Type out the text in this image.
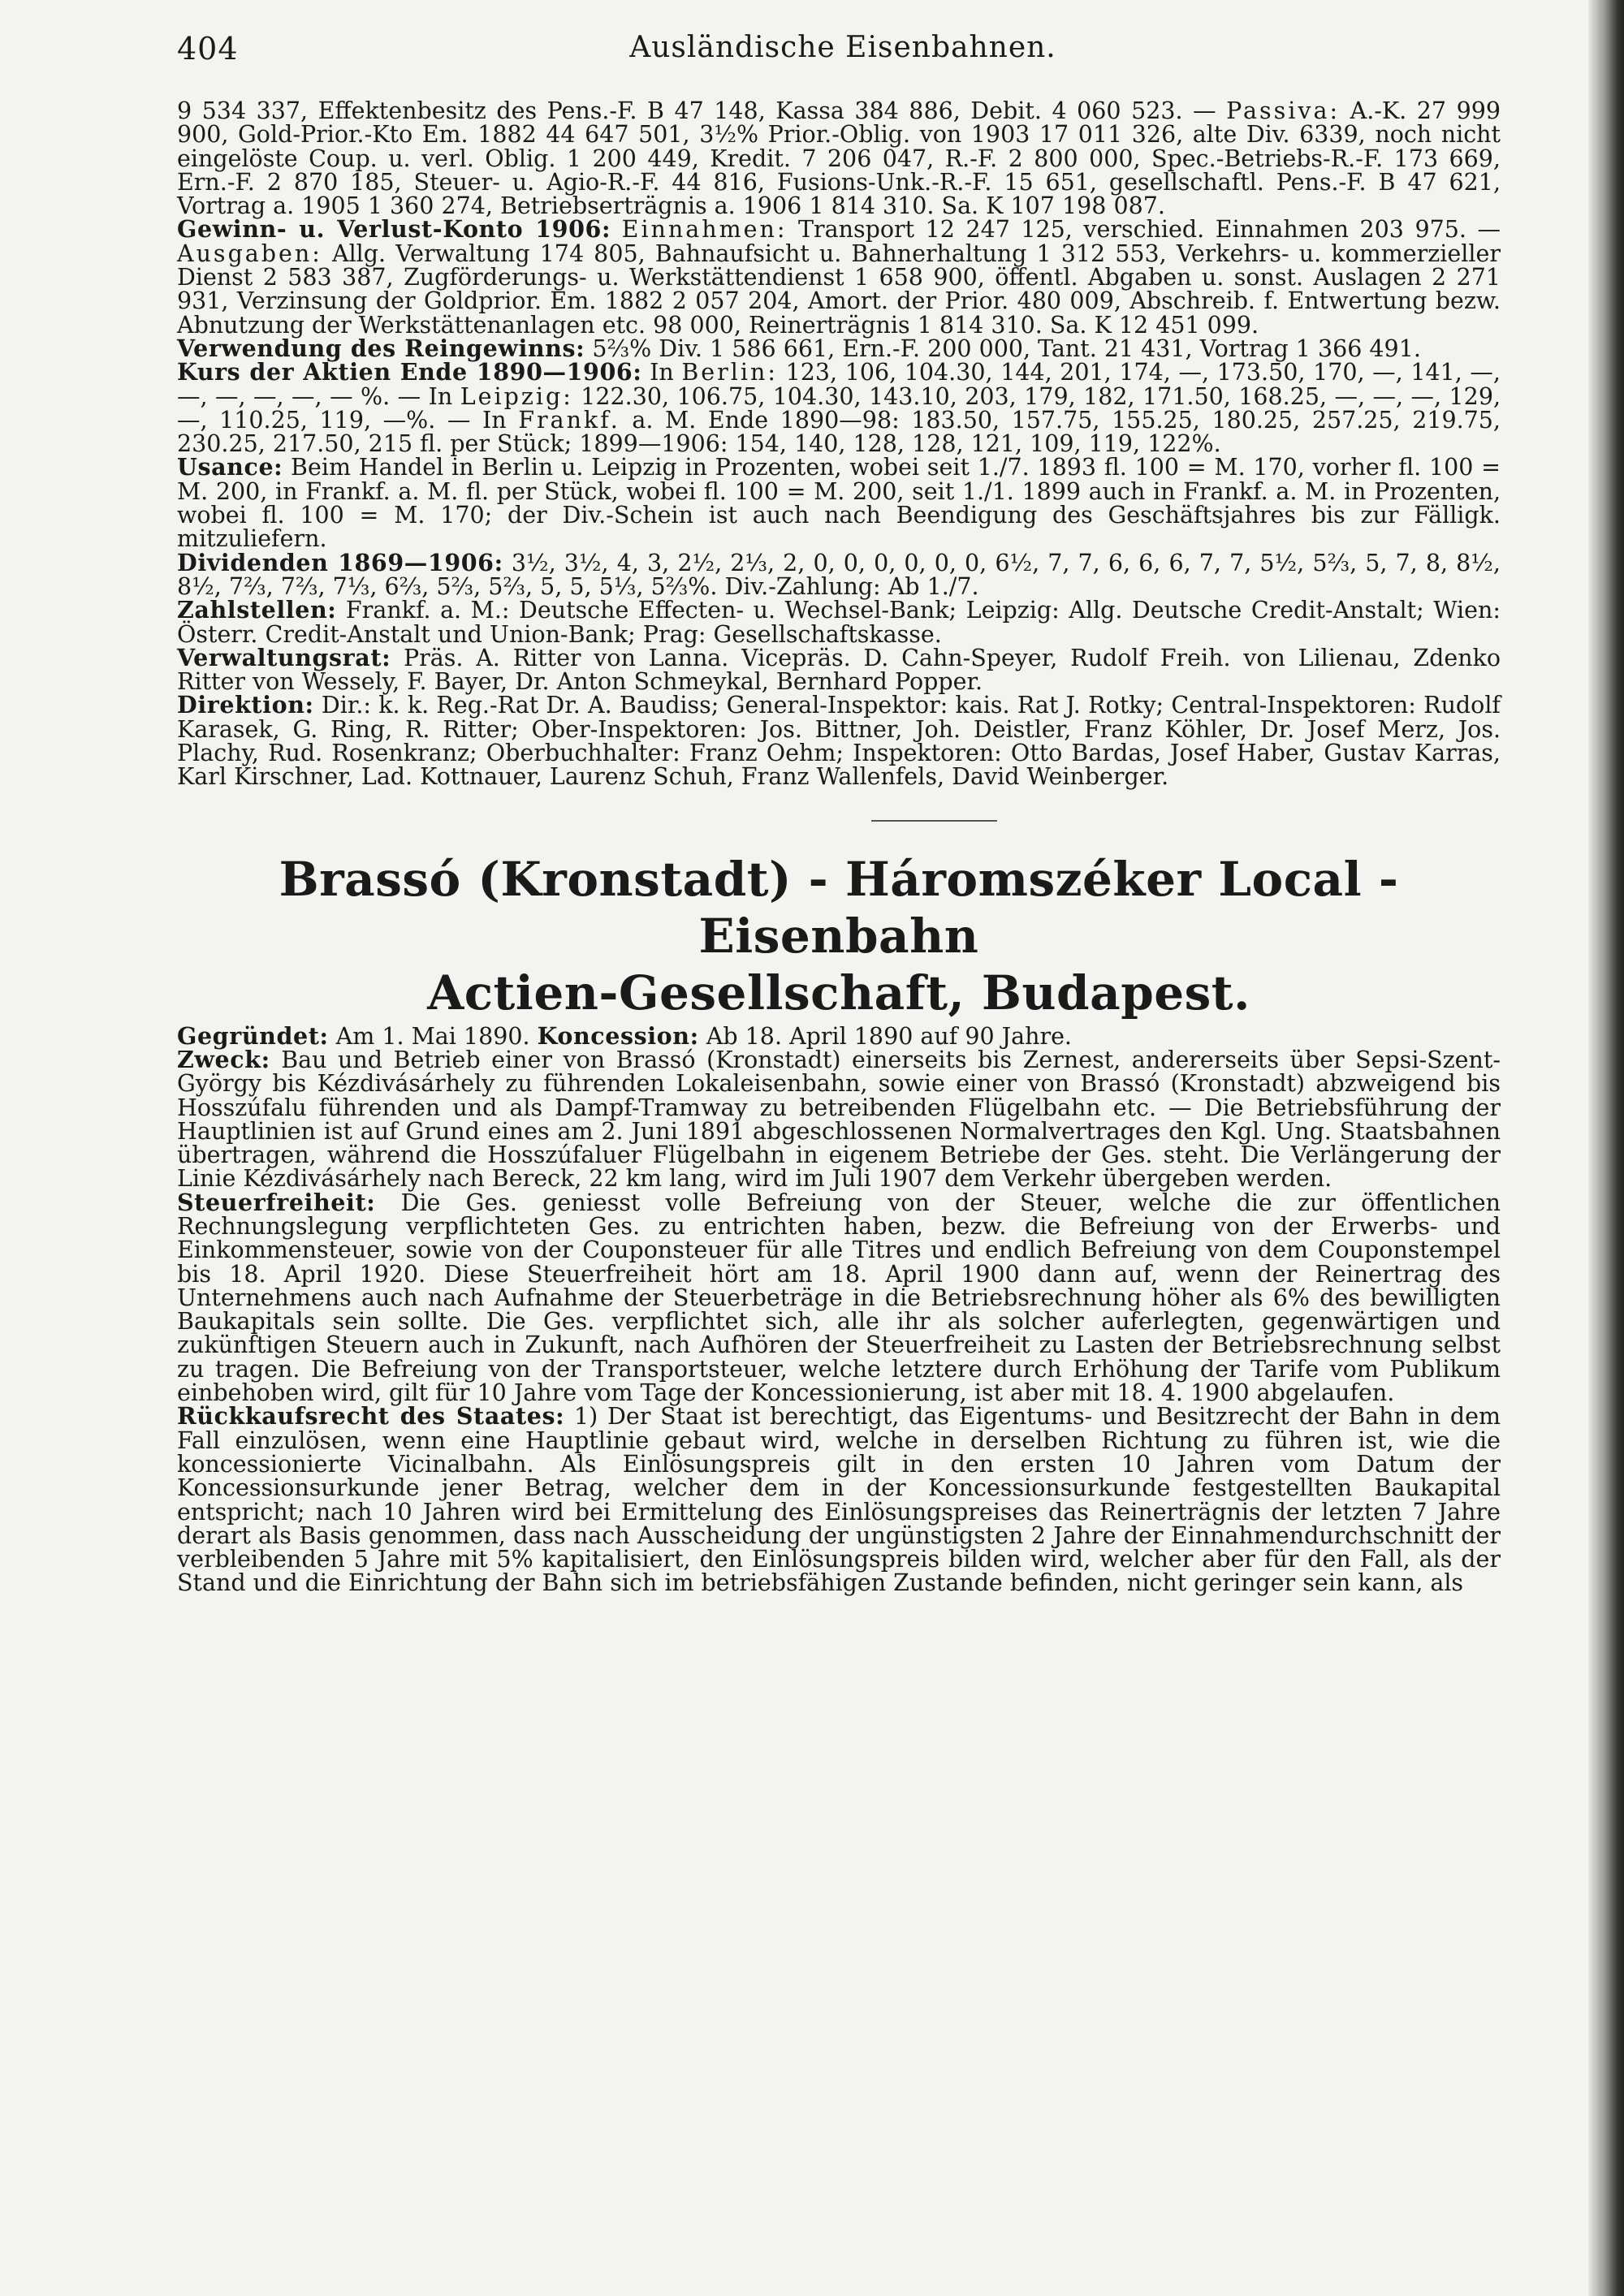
404	Ausländische Eisenbahnen.

9 534 337, Effektenbesitz des Pens.-F. B 47 148, Kassa 384 886, Debit. 4 060 523. — Passiva: A.-K. 27 999 900, Gold-Prior.-Kto Em. 1882 44 647 501, 3½% Prior.-Oblig. von 1903 17 011 326, alte Div. 6339, noch nicht eingelöste Coup. u. verl. Oblig. 1 200 449, Kredit. 7 206 047, R.-F. 2 800 000, Spec.-Betriebs-R.-F. 173 669, Ern.-F. 2 870 185, Steuer- u. Agio-R.-F. 44 816, Fusions-Unk.-R.-F. 15 651, gesellschaftl. Pens.-F. B 47 621, Vortrag a. 1905 1 360 274, Betriebserträgnis a. 1906 1 814 310. Sa. K 107 198 087.

Gewinn- u. Verlust-Konto 1906: Einnahmen: Transport 12 247 125, verschied. Einnahmen 203 975. — Ausgaben: Allg. Verwaltung 174 805, Bahnaufsicht u. Bahnerhaltung 1 312 553, Verkehrs- u. kommerzieller Dienst 2 583 387, Zugförderungs- u. Werkstättendienst 1 658 900, öffentl. Abgaben u. sonst. Auslagen 2 271 931, Verzinsung der Goldprior. Em. 1882 2 057 204, Amort. der Prior. 480 009, Abschreib. f. Entwertung bezw. Abnutzung der Werkstättenanlagen etc. 98 000, Reinerträgnis 1 814 310. Sa. K 12 451 099.

Verwendung des Reingewinns: 5⅔% Div. 1 586 661, Ern.-F. 200 000, Tant. 21 431, Vortrag 1 366 491.

Kurs der Aktien Ende 1890—1906: In Berlin: 123, 106, 104.30, 144, 201, 174, —, 173.50, 170, —, 141, —, —, —, —, —, — %. — In Leipzig: 122.30, 106.75, 104.30, 143.10, 203, 179, 182, 171.50, 168.25, —, —, —, 129, —, 110.25, 119, —%. — In Frankf. a. M. Ende 1890—98: 183.50, 157.75, 155.25, 180.25, 257.25, 219.75, 230.25, 217.50, 215 fl. per Stück; 1899—1906: 154, 140, 128, 128, 121, 109, 119, 122%.

Usance: Beim Handel in Berlin u. Leipzig in Prozenten, wobei seit 1./7. 1893 fl. 100 = M. 170, vorher fl. 100 = M. 200, in Frankf. a. M. fl. per Stück, wobei fl. 100 = M. 200, seit 1./1. 1899 auch in Frankf. a. M. in Prozenten, wobei fl. 100 = M. 170; der Div.-Schein ist auch nach Beendigung des Geschäftsjahres bis zur Fälligk. mitzuliefern.

Dividenden 1869—1906: 3½, 3½, 4, 3, 2½, 2⅓, 2, 0, 0, 0, 0, 0, 0, 6½, 7, 7, 6, 6, 6, 7, 7, 5½, 5⅔, 5, 7, 8, 8½, 8½, 7⅔, 7⅔, 7⅓, 6⅔, 5⅔, 5⅔, 5, 5, 5⅓, 5⅔%. Div.-Zahlung: Ab 1./7.

Zahlstellen: Frankf. a. M.: Deutsche Effecten- u. Wechsel-Bank; Leipzig: Allg. Deutsche Credit-Anstalt; Wien: Österr. Credit-Anstalt und Union-Bank; Prag: Gesellschaftskasse.

Verwaltungsrat: Präs. A. Ritter von Lanna. Vicepräs. D. Cahn-Speyer, Rudolf Freih. von Lilienau, Zdenko Ritter von Wessely, F. Bayer, Dr. Anton Schmeykal, Bernhard Popper.

Direktion: Dir.: k. k. Reg.-Rat Dr. A. Baudiss; General-Inspektor: kais. Rat J. Rotky; Central-Inspektoren: Rudolf Karasek, G. Ring, R. Ritter; Ober-Inspektoren: Jos. Bittner, Joh. Deistler, Franz Köhler, Dr. Josef Merz, Jos. Plachy, Rud. Rosenkranz; Oberbuchhalter: Franz Oehm; Inspektoren: Otto Bardas, Josef Haber, Gustav Karras, Karl Kirschner, Lad. Kottnauer, Laurenz Schuh, Franz Wallenfels, David Weinberger.

Brassó (Kronstadt) - Háromszéker Local - Eisenbahn
Actien-Gesellschaft, Budapest.

Gegründet: Am 1. Mai 1890. Koncession: Ab 18. April 1890 auf 90 Jahre.

Zweck: Bau und Betrieb einer von Brassó (Kronstadt) einerseits bis Zernest, andererseits über Sepsi-Szent-György bis Kézdivásárhely zu führenden Lokaleisenbahn, sowie einer von Brassó (Kronstadt) abzweigend bis Hosszúfalu führenden und als Dampf-Tramway zu betreibenden Flügelbahn etc. — Die Betriebsführung der Hauptlinien ist auf Grund eines am 2. Juni 1891 abgeschlossenen Normalvertrages den Kgl. Ung. Staatsbahnen übertragen, während die Hosszúfaluer Flügelbahn in eigenem Betriebe der Ges. steht. Die Verlängerung der Linie Kézdivásárhely nach Bereck, 22 km lang, wird im Juli 1907 dem Verkehr übergeben werden.

Steuerfreiheit: Die Ges. geniesst volle Befreiung von der Steuer, welche die zur öffentlichen Rechnungslegung verpflichteten Ges. zu entrichten haben, bezw. die Befreiung von der Erwerbs- und Einkommensteuer, sowie von der Couponsteuer für alle Titres und endlich Befreiung von dem Couponstempel bis 18. April 1920. Diese Steuerfreiheit hört am 18. April 1900 dann auf, wenn der Reinertrag des Unternehmens auch nach Aufnahme der Steuerbeträge in die Betriebsrechnung höher als 6% des bewilligten Baukapitals sein sollte. Die Ges. verpflichtet sich, alle ihr als solcher auferlegten, gegenwärtigen und zukünftigen Steuern auch in Zukunft, nach Aufhören der Steuerfreiheit zu Lasten der Betriebsrechnung selbst zu tragen. Die Befreiung von der Transportsteuer, welche letztere durch Erhöhung der Tarife vom Publikum einbehoben wird, gilt für 10 Jahre vom Tage der Koncessionierung, ist aber mit 18. 4. 1900 abgelaufen.

Rückkaufsrecht des Staates: 1) Der Staat ist berechtigt, das Eigentums- und Besitzrecht der Bahn in dem Fall einzulösen, wenn eine Hauptlinie gebaut wird, welche in derselben Richtung zu führen ist, wie die koncessionierte Vicinalbahn. Als Einlösungspreis gilt in den ersten 10 Jahren vom Datum der Koncessionsurkunde jener Betrag, welcher dem in der Koncessionsurkunde festgestellten Baukapital entspricht; nach 10 Jahren wird bei Ermittelung des Einlösungspreises das Reinerträgnis der letzten 7 Jahre derart als Basis genommen, dass nach Ausscheidung der ungünstigsten 2 Jahre der Einnahmendurchschnitt der verbleibenden 5 Jahre mit 5% kapitalisiert, den Einlösungspreis bilden wird, welcher aber für den Fall, als der Stand und die Einrichtung der Bahn sich im betriebsfähigen Zustande befinden, nicht geringer sein kann, als
